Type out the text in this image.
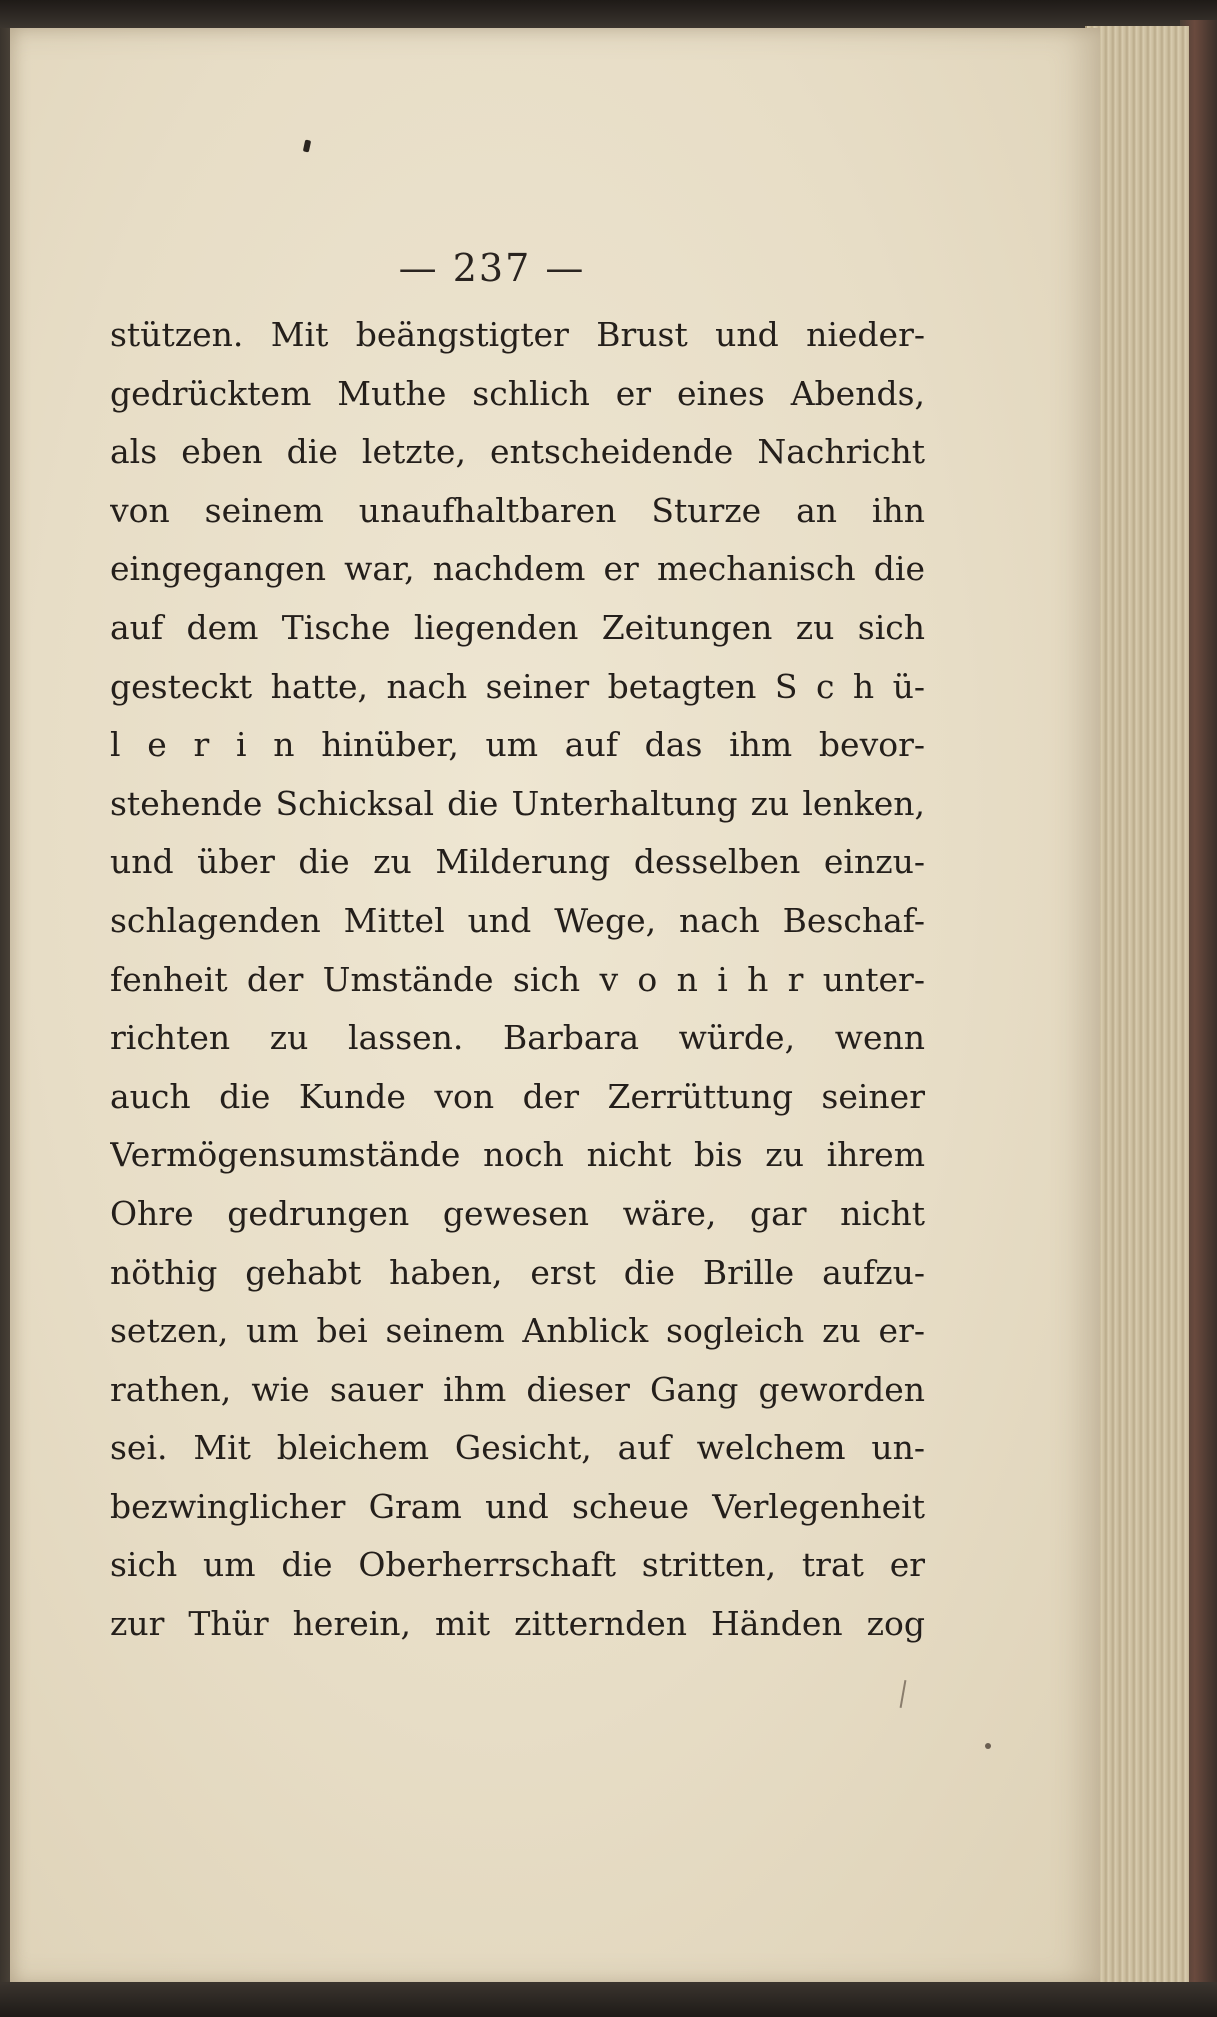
— 237 —
stützen. Mit beängstigter Brust und nieder-
gedrücktem Muthe schlich er eines Abends,
als eben die letzte, entscheidende Nachricht
von seinem unaufhaltbaren Sturze an ihn
eingegangen war, nachdem er mechanisch die
auf dem Tische liegenden Zeitungen zu sich
gesteckt hatte, nach seiner betagten S c h ü-
l e r i n hinüber, um auf das ihm bevor-
stehende Schicksal die Unterhaltung zu lenken,
und über die zu Milderung desselben einzu-
schlagenden Mittel und Wege, nach Beschaf-
fenheit der Umstände sich v o n i h r unter-
richten zu lassen. Barbara würde, wenn
auch die Kunde von der Zerrüttung seiner
Vermögensumstände noch nicht bis zu ihrem
Ohre gedrungen gewesen wäre, gar nicht
nöthig gehabt haben, erst die Brille aufzu-
setzen, um bei seinem Anblick sogleich zu er-
rathen, wie sauer ihm dieser Gang geworden
sei. Mit bleichem Gesicht, auf welchem un-
bezwinglicher Gram und scheue Verlegenheit
sich um die Oberherrschaft stritten, trat er
zur Thür herein, mit zitternden Händen zog
